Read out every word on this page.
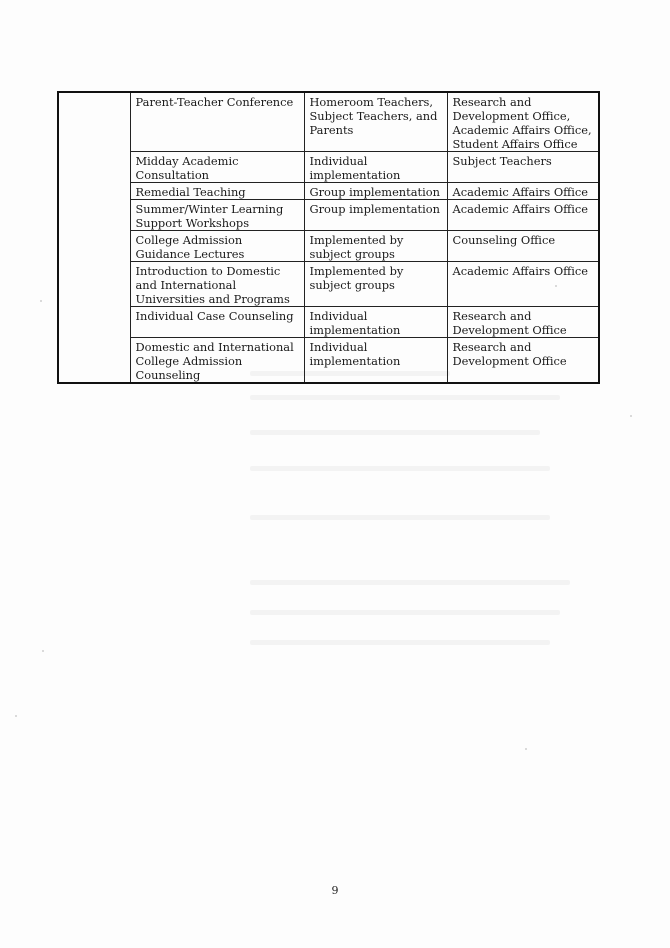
	Parent-Teacher Conference	Homeroom Teachers, Subject Teachers, and Parents	Research and Development Office, Academic Affairs Office, Student Affairs Office
	Midday Academic Consultation	Individual implementation	Subject Teachers
	Remedial Teaching	Group implementation	Academic Affairs Office
	Summer/Winter Learning Support Workshops	Group implementation	Academic Affairs Office
	College Admission Guidance Lectures	Implemented by subject groups	Counseling Office
	Introduction to Domestic and International Universities and Programs	Implemented by subject groups	Academic Affairs Office
	Individual Case Counseling	Individual implementation	Research and Development Office
	Domestic and International College Admission Counseling	Individual implementation	Research and Development Office
9
